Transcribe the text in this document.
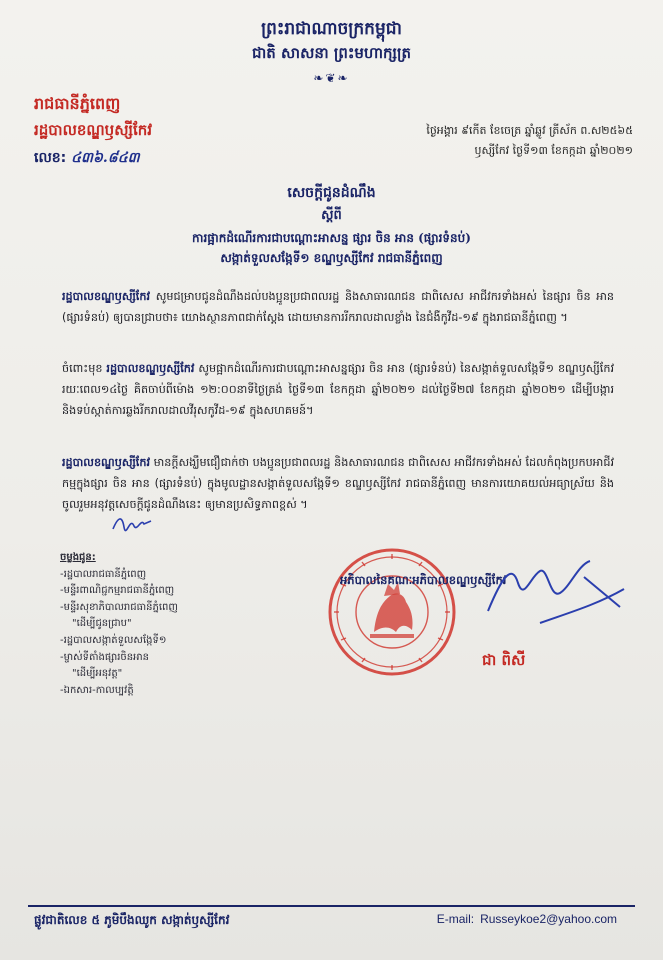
ព្រះរាជាណាចក្រកម្ពុជា
ជាតិ សាសនា ព្រះមហាក្សត្រ
❧❦❧
រាជធានីភ្នំពេញ
រដ្ឋបាលខណ្ឌឫស្សីកែវ
លេខ: ៤៣៦.៨៤៣
ថ្ងៃអង្គារ ៩កើត ខែចេត្រ ឆ្នាំឆ្លូវ ត្រីស័ក ព.ស២៥៦៥
ឫស្សីកែវ ថ្ងៃទី១៣ ខែកក្កដា ឆ្នាំ២០២១
សេចក្តីជូនដំណឹង
ស្តីពី
ការផ្អាកដំណើរការជាបណ្តោះអាសន្ន ផ្សារ ចិន អាន (ផ្សារទំនប់)
សង្កាត់ទួលសង្កែទី១ ខណ្ឌឫស្សីកែវ រាជធានីភ្នំពេញ
រដ្ឋបាលខណ្ឌឫស្សីកែវ សូមជម្រាបជូនដំណឹងដល់បងប្អូនប្រជាពលរដ្ឋ និងសាធារណជន ជាពិសេស អាជីវករទាំងអស់ នៃផ្សារ ចិន អាន (ផ្សារទំនប់) ឲ្យបានជ្រាបថា៖ យោងស្ថានភាពជាក់ស្តែង ដោយមានការរីករាលដាលខ្លាំង នៃជំងឺកូវីដ-១៩ ក្នុងរាជធានីភ្នំពេញ ។
ចំពោះមុខ រដ្ឋបាលខណ្ឌឫស្សីកែវ សូមផ្អាកដំណើរការជាបណ្តោះអាសន្នផ្សារ ចិន អាន (ផ្សារទំនប់) នៃសង្កាត់ទួលសង្កែទី១ ខណ្ឌឫស្សីកែវ រយៈពេល១៤ថ្ងៃ គិតចាប់ពីម៉ោង ១២:០០នាទីថ្ងៃត្រង់ ថ្ងៃទី១៣ ខែកក្កដា ឆ្នាំ២០២១ ដល់ថ្ងៃទី២៧ ខែកក្កដា ឆ្នាំ២០២១ ដើម្បីបង្ការ និងទប់ស្កាត់ការឆ្លងរីករាលដាលវីរុសកូវីដ-១៩ ក្នុងសហគមន៍។
រដ្ឋបាលខណ្ឌឫស្សីកែវ មានក្តីសង្ឃឹមជឿជាក់ថា បងប្អូនប្រជាពលរដ្ឋ និងសាធារណជន ជាពិសេស អាជីវករទាំងអស់ ដែលកំពុងប្រកបអាជីវកម្មក្នុងផ្សារ ចិន អាន (ផ្សារទំនប់) ក្នុងមូលដ្ឋានសង្កាត់ទួលសង្កែទី១ ខណ្ឌឫស្សីកែវ រាជធានីភ្នំពេញ មានការយោគយល់អធ្យាស្រ័យ និងចូលរួមអនុវត្តសេចក្តីជូនដំណឹងនេះ ឲ្យមានប្រសិទ្ធភាពខ្ពស់ ។
ចម្លងជូន:
-រដ្ឋបាលរាជធានីភ្នំពេញ
-មន្ទីរពាណិជ្ជកម្មរាជធានីភ្នំពេញ
-មន្ទីរសុខាភិបាលរាជធានីភ្នំពេញ
"ដើម្បីជូនជ្រាប"
-រដ្ឋបាលសង្កាត់ទួលសង្កែទី១
-ម្ចាស់ទីតាំងផ្សារចិនអាន
"ដើម្បីអនុវត្ត"
-ឯកសារ-កាលប្បវត្តិ
អភិបាលនៃគណៈអភិបាលខណ្ឌឫស្សីកែវ
ជា ពិសី
ផ្លូវជាតិលេខ ៥ ភូមិបឹងឈូក សង្កាត់ឫស្សីកែវ	E-mail: Russeykoe2@yahoo.com
